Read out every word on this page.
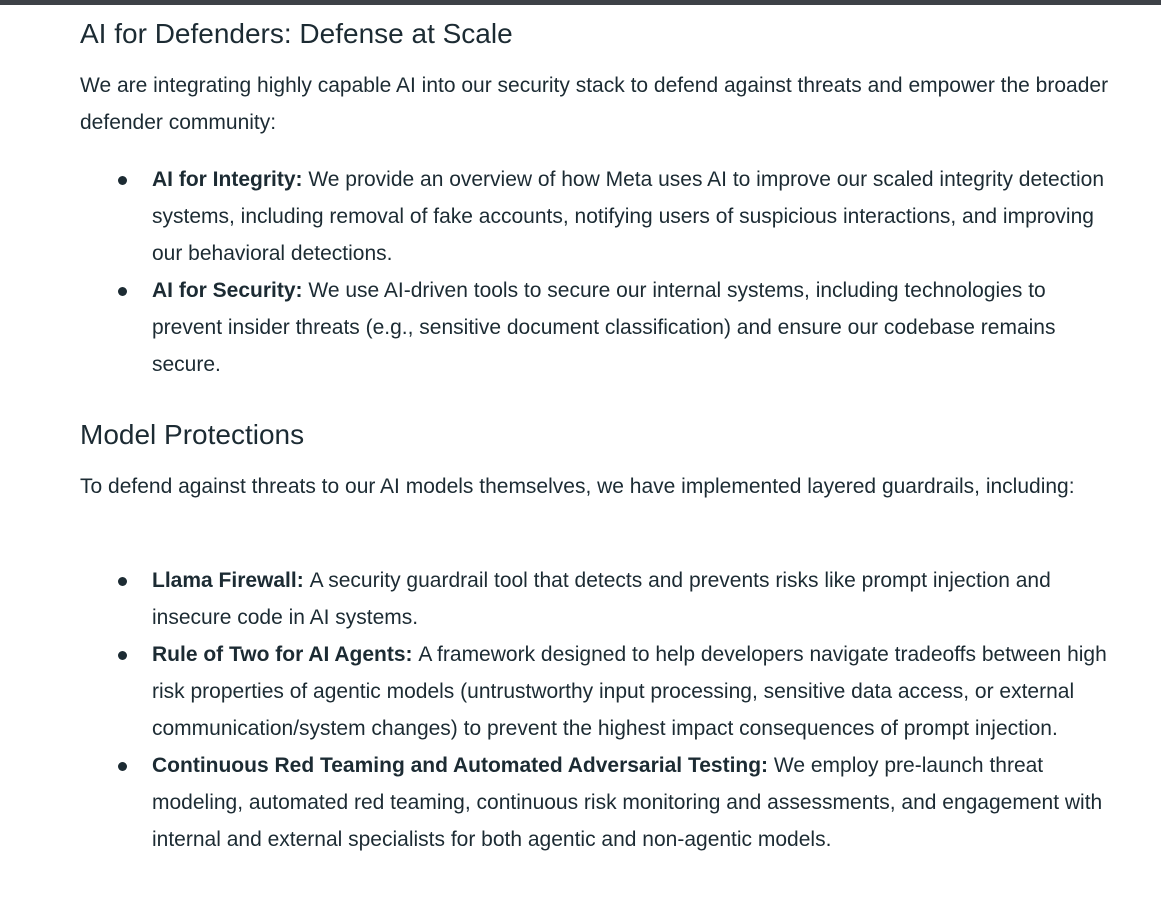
AI for Defenders: Defense at Scale

We are integrating highly capable AI into our security stack to defend against threats and empower the broader defender community:

AI for Integrity: We provide an overview of how Meta uses AI to improve our scaled integrity detection systems, including removal of fake accounts, notifying users of suspicious interactions, and improving our behavioral detections.
AI for Security: We use AI-driven tools to secure our internal systems, including technologies to prevent insider threats (e.g., sensitive document classification) and ensure our codebase remains secure.
Model Protections

To defend against threats to our AI models themselves, we have implemented layered guardrails, including:

Llama Firewall: A security guardrail tool that detects and prevents risks like prompt injection and insecure code in AI systems.
Rule of Two for AI Agents: A framework designed to help developers navigate tradeoffs between high risk properties of agentic models (untrustworthy input processing, sensitive data access, or external communication/system changes) to prevent the highest impact consequences of prompt injection.
Continuous Red Teaming and Automated Adversarial Testing: We employ pre-launch threat modeling, automated red teaming, continuous risk monitoring and assessments, and engagement with internal and external specialists for both agentic and non-agentic models.
